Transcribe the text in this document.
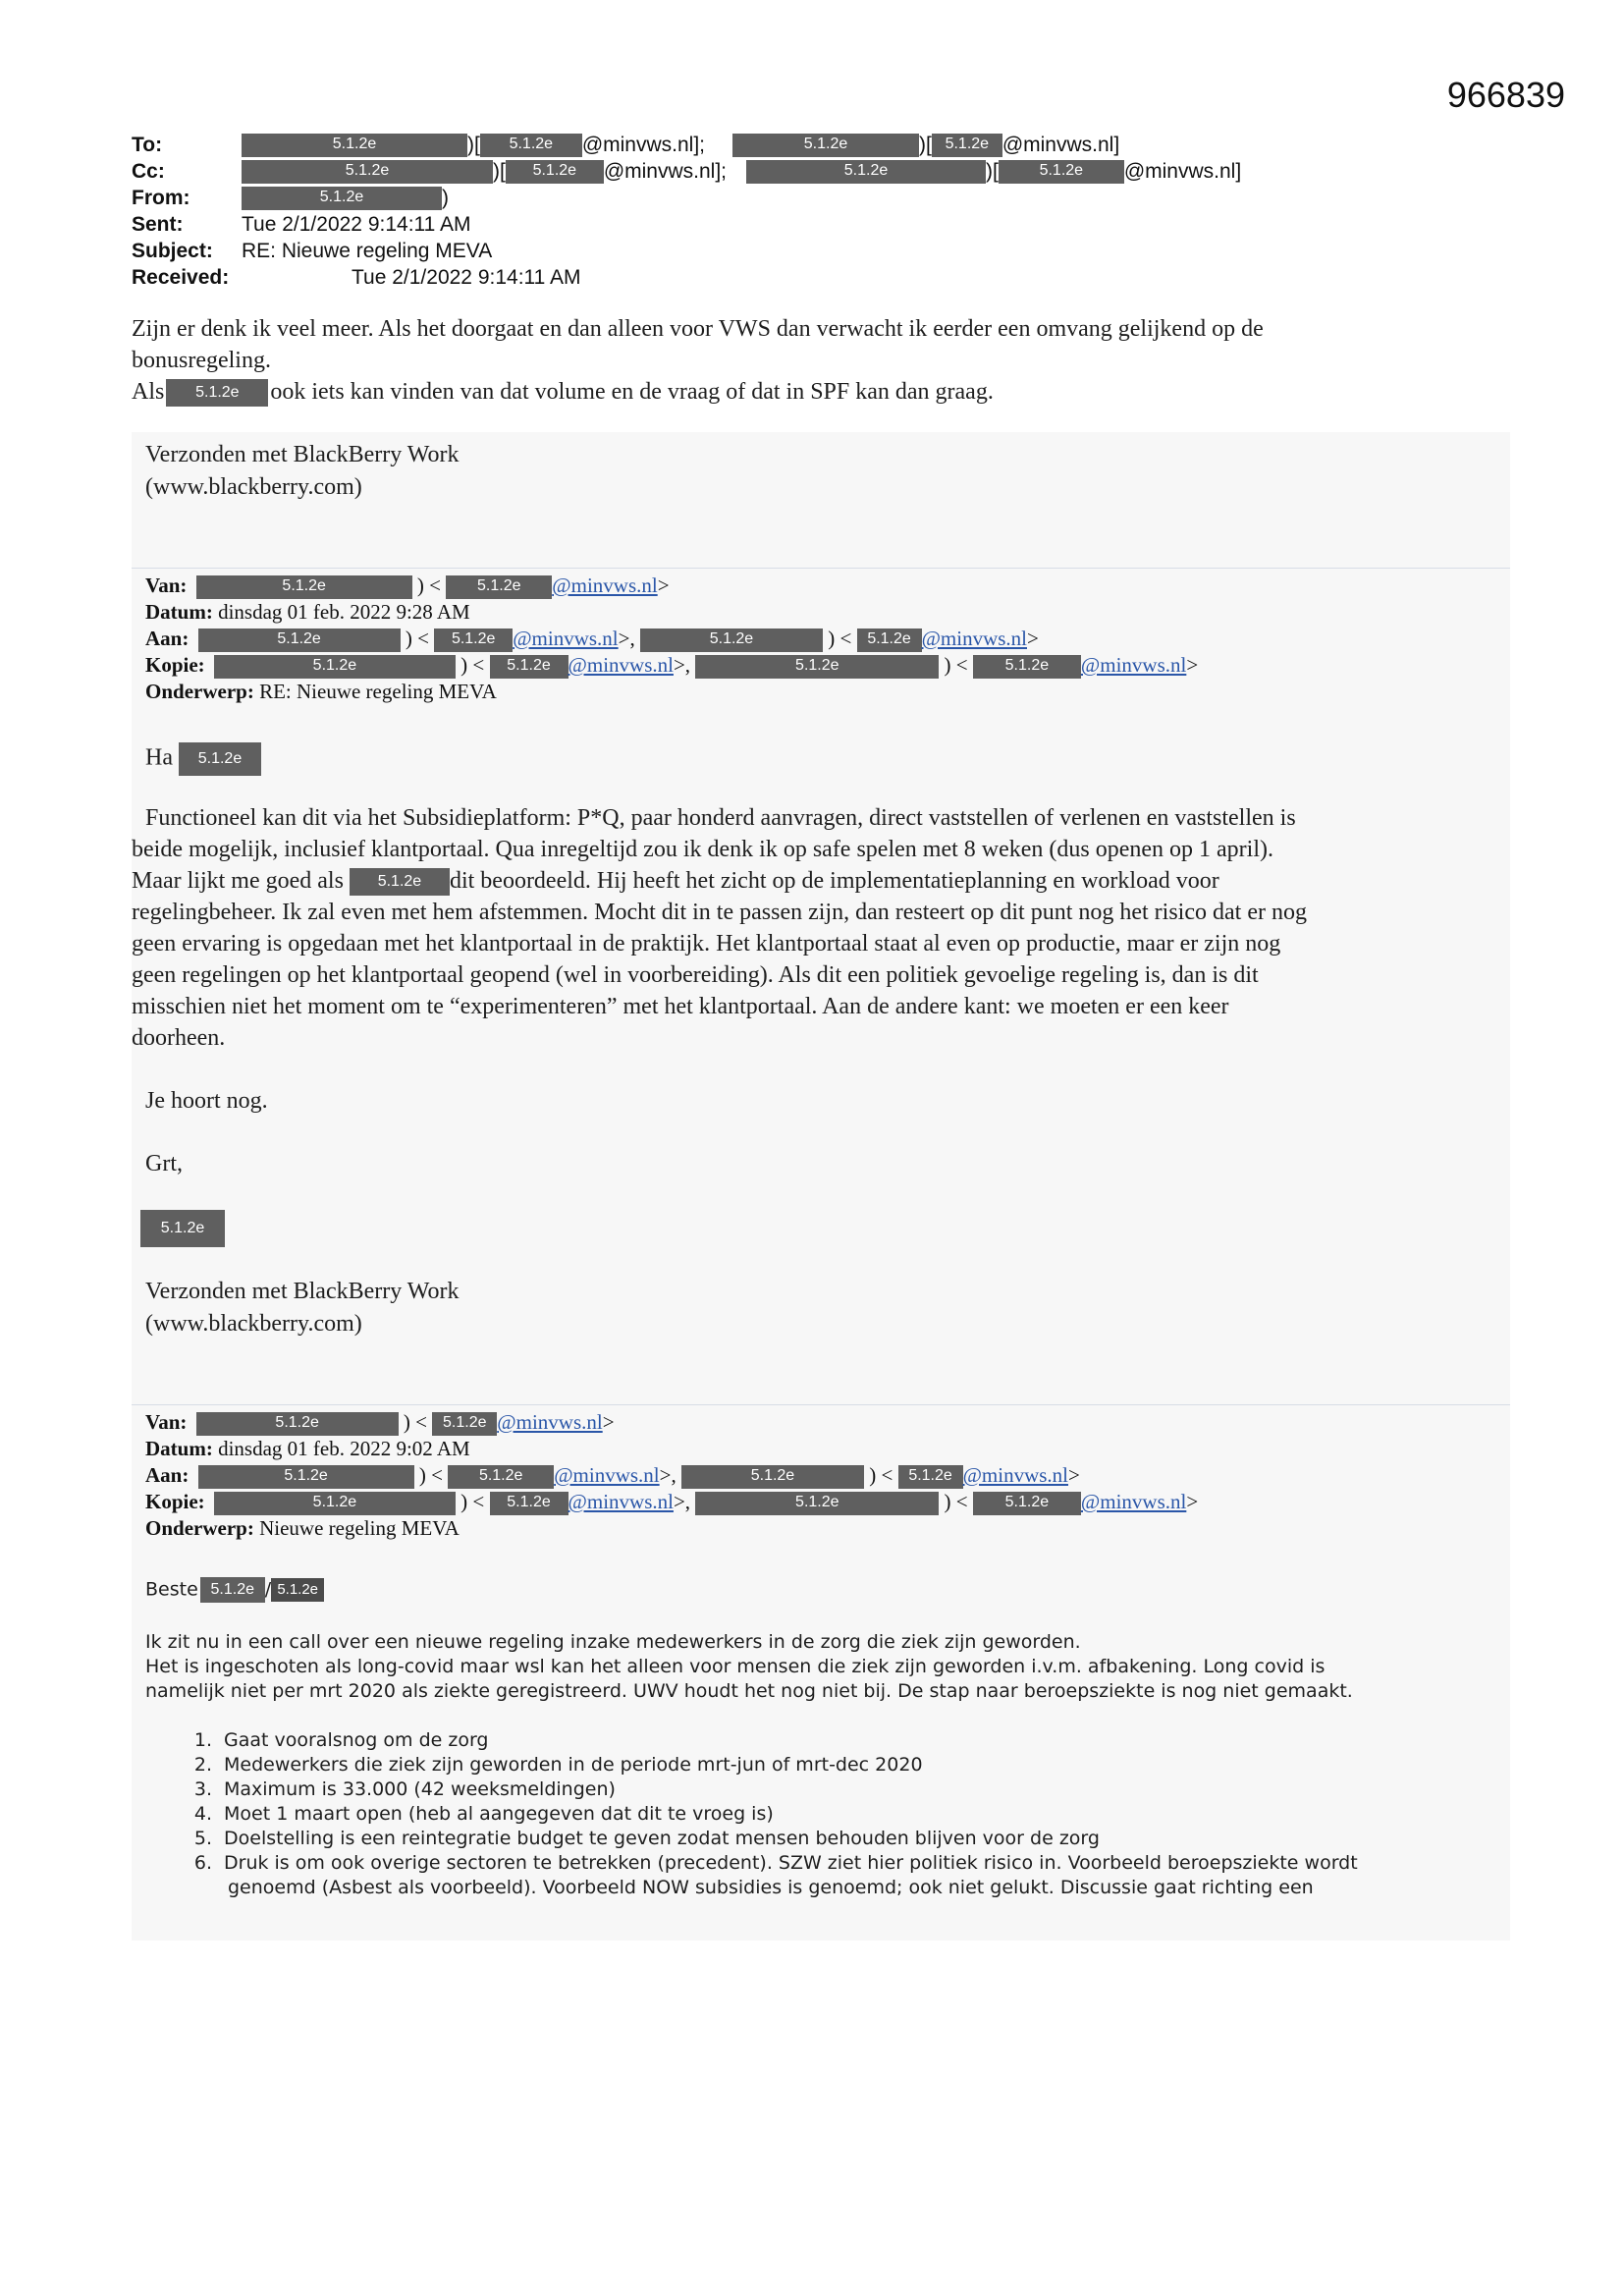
966839
To:	5.1.2e	)[ 5.1.2e @minvws.nl];	5.1.2e	)[ 5.1.2e @minvws.nl]
Cc:	5.1.2e	)[ 5.1.2e @minvws.nl];	5.1.2e	)[	5.1.2e @minvws.nl]
From:	5.1.2e	)
Sent:	Tue 2/1/2022 9:14:11 AM
Subject: RE: Nieuwe regeling MEVA
Received:	Tue 2/1/2022 9:14:11 AM
Zijn er denk ik veel meer. Als het doorgaat en dan alleen voor VWS dan verwacht ik eerder een omvang gelijkend op de
bonusregeling.
Als 5.1.2e ook iets kan vinden van dat volume en de vraag of dat in SPF kan dan graag.
Verzonden met BlackBerry Work
(www.blackberry.com)
Van:	5.1.2e	) < 5.1.2e @minvws.nl>
Datum: dinsdag 01 feb. 2022 9:28 AM
Aan:	5.1.2e	) < 5.1.2e @minvws.nl>,	5.1.2e	) < 5.1.2e @minvws.nl>
Kopie:	5.1.2e	) < 5.1.2e @minvws.nl>,	5.1.2e	) < 5.1.2e @minvws.nl>
Onderwerp: RE: Nieuwe regeling MEVA
Ha 5.1.2e
Functioneel kan dit via het Subsidieplatform: P*Q, paar honderd aanvragen, direct vaststellen of verlenen en vaststellen is
beide mogelijk, inclusief klantportaal. Qua inregeltijd zou ik denk ik op safe spelen met 8 weken (dus openen op 1 april).
Maar lijkt me goed als 5.1.2e dit beoordeeld. Hij heeft het zicht op de implementatieplanning en workload voor
regelingbeheer. Ik zal even met hem afstemmen. Mocht dit in te passen zijn, dan resteert op dit punt nog het risico dat er nog
geen ervaring is opgedaan met het klantportaal in de praktijk. Het klantportaal staat al even op productie, maar er zijn nog
geen regelingen op het klantportaal geopend (wel in voorbereiding). Als dit een politiek gevoelige regeling is, dan is dit
misschien niet het moment om te “experimenteren” met het klantportaal. Aan de andere kant: we moeten er een keer
doorheen.
Je hoort nog.
Grt,
5.1.2e
Verzonden met BlackBerry Work
(www.blackberry.com)
Van:	5.1.2e	) < 5.1.2e @minvws.nl>
Datum: dinsdag 01 feb. 2022 9:02 AM
Aan:	5.1.2e	) < 5.1.2e @minvws.nl>,	5.1.2e	) < 5.1.2e @minvws.nl>
Kopie:	5.1.2e	) < 5.1.2e @minvws.nl>,	5.1.2e	) < 5.1.2e @minvws.nl>
Onderwerp: Nieuwe regeling MEVA
Beste 5.1.2e / 5.1.2e
Ik zit nu in een call over een nieuwe regeling inzake medewerkers in de zorg die ziek zijn geworden.
Het is ingeschoten als long-covid maar wsl kan het alleen voor mensen die ziek zijn geworden i.v.m. afbakening. Long covid is
namelijk niet per mrt 2020 als ziekte geregistreerd. UWV houdt het nog niet bij. De stap naar beroepsziekte is nog niet gemaakt.
1. Gaat vooralsnog om de zorg
2. Medewerkers die ziek zijn geworden in de periode mrt-jun of mrt-dec 2020
3. Maximum is 33.000 (42 weeksmeldingen)
4. Moet 1 maart open (heb al aangegeven dat dit te vroeg is)
5. Doelstelling is een reintegratie budget te geven zodat mensen behouden blijven voor de zorg
6. Druk is om ook overige sectoren te betrekken (precedent). SZW ziet hier politiek risico in. Voorbeeld beroepsziekte wordt
genoemd (Asbest als voorbeeld). Voorbeeld NOW subsidies is genoemd; ook niet gelukt. Discussie gaat richting een
